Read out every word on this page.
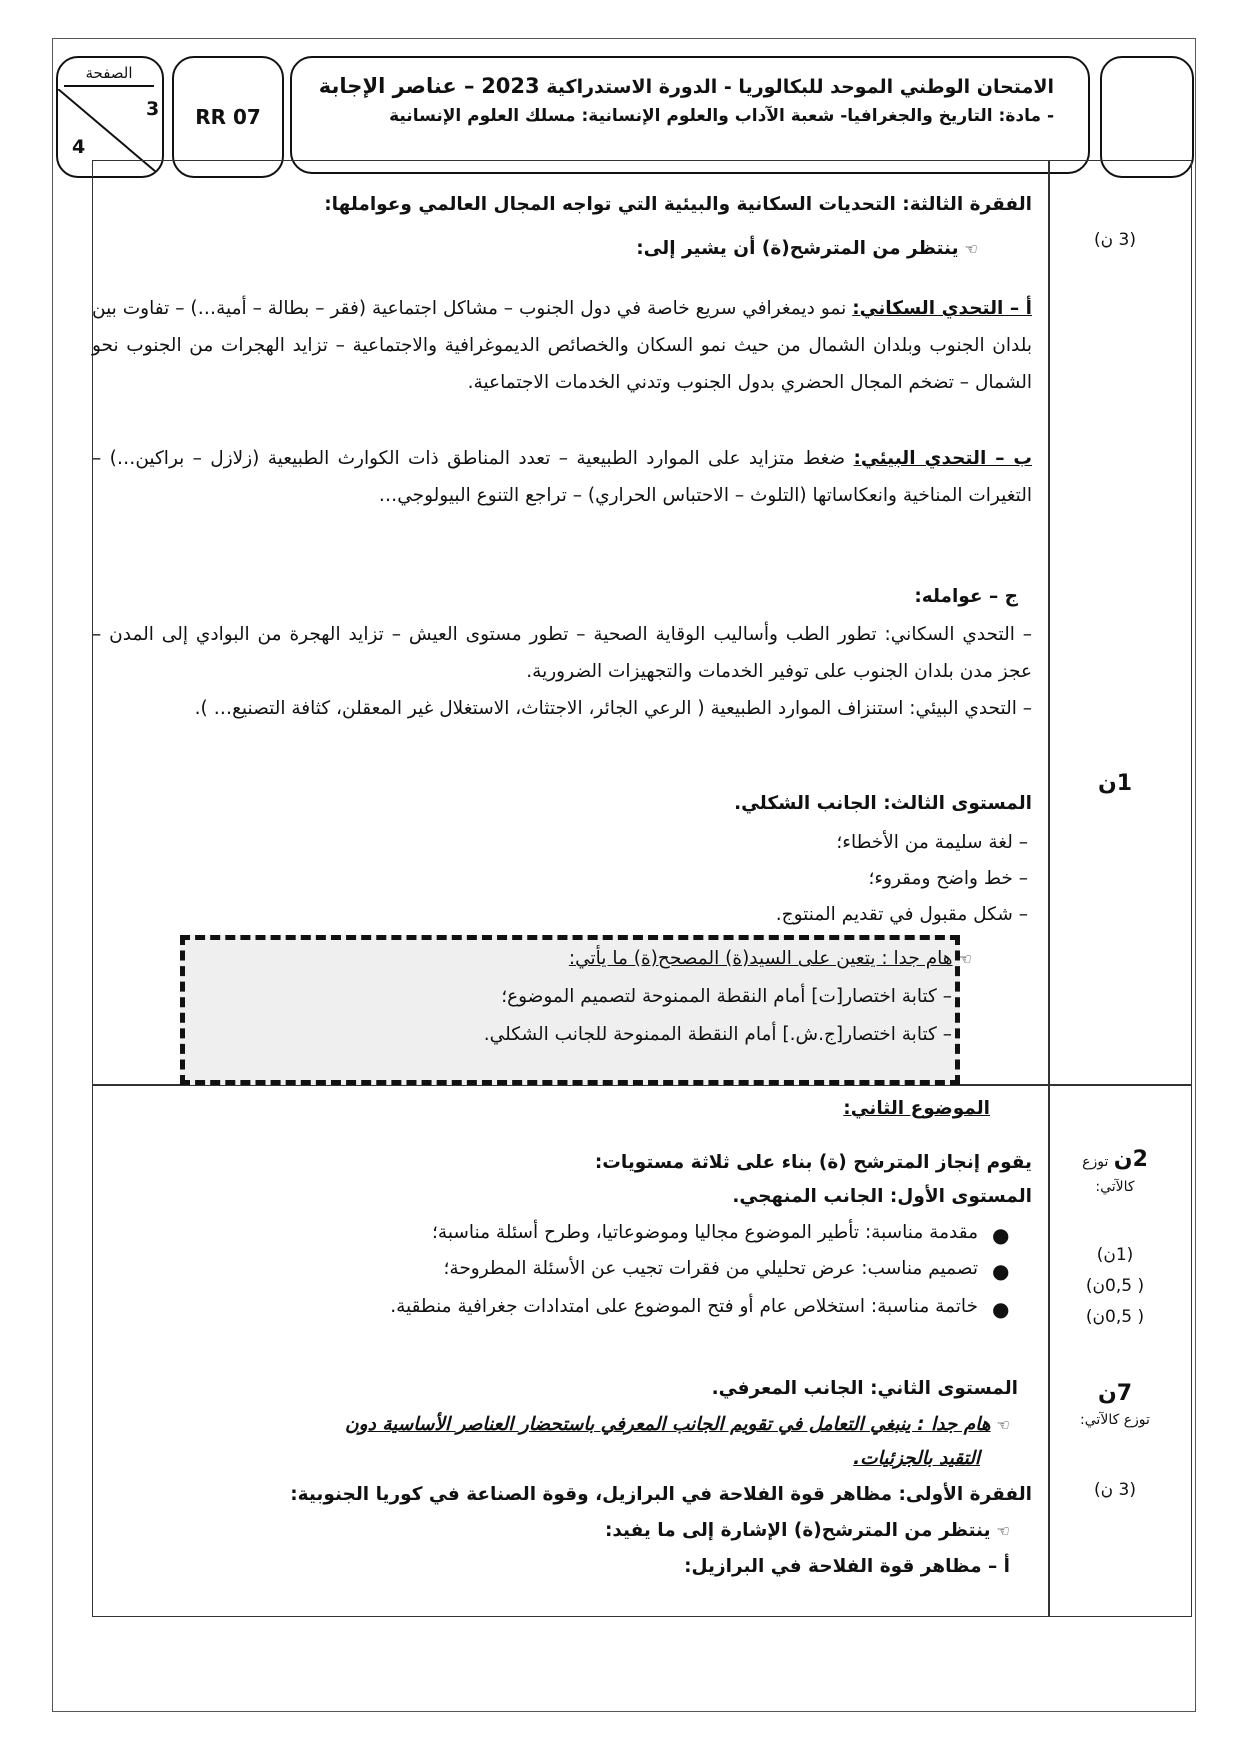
الصفحة
3
4
RR 07
الامتحان الوطني الموحد للبكالوريا - الدورة الاستدراكية 2023 – عناصر الإجابة
- مادة: التاريخ والجغرافيا- شعبة الآداب والعلوم الإنسانية: مسلك العلوم الإنسانية
(3 ن)
1ن
2ن توزع
كالآتي:
(1ن)
( 0,5ن)
( 0,5ن)
7ن
توزع كالآتي:
(3 ن)
الفقرة الثالثة: التحديات السكانية والبيئية التي تواجه المجال العالمي وعواملها:
☜ينتظر من المترشح(ة) أن يشير إلى:
أ – التحدي السكاني: نمو ديمغرافي سريع خاصة في دول الجنوب – مشاكل اجتماعية (فقر – بطالة – أمية…) – تفاوت بين بلدان الجنوب وبلدان الشمال من حيث نمو السكان والخصائص الديموغرافية والاجتماعية – تزايد الهجرات من الجنوب نحو الشمال – تضخم المجال الحضري بدول الجنوب وتدني الخدمات الاجتماعية.
ب – التحدي البيئي: ضغط متزايد على الموارد الطبيعية – تعدد المناطق ذات الكوارث الطبيعية (زلازل – براكين…) – التغيرات المناخية وانعكاساتها (التلوث – الاحتباس الحراري) – تراجع التنوع البيولوجي…
ج – عوامله:
– التحدي السكاني: تطور الطب وأساليب الوقاية الصحية – تطور مستوى العيش – تزايد الهجرة من البوادي إلى المدن – عجز مدن بلدان الجنوب على توفير الخدمات والتجهيزات الضرورية.
– التحدي البيئي: استنزاف الموارد الطبيعية ( الرعي الجائر، الاجتثاث، الاستغلال غير المعقلن، كثافة التصنيع… ).
المستوى الثالث: الجانب الشكلي.
– لغة سليمة من الأخطاء؛
– خط واضح ومقروء؛
– شكل مقبول في تقديم المنتوج.
☜هام جدا : يتعين على السيد(ة) المصحح(ة) ما يأتي:
– كتابة اختصار[ت] أمام النقطة الممنوحة لتصميم الموضوع؛
– كتابة اختصار[ج.ش.] أمام النقطة الممنوحة للجانب الشكلي.
الموضوع الثاني:
يقوم إنجاز المترشح (ة) بناء على ثلاثة مستويات:
المستوى الأول: الجانب المنهجي.
●
مقدمة مناسبة: تأطير الموضوع مجاليا وموضوعاتيا، وطرح أسئلة مناسبة؛
●
تصميم مناسب: عرض تحليلي من فقرات تجيب عن الأسئلة المطروحة؛
●
خاتمة مناسبة: استخلاص عام أو فتح الموضوع على امتدادات جغرافية منطقية.
المستوى الثاني: الجانب المعرفي.
☜هام جدا : ينبغي التعامل في تقويم الجانب المعرفي باستحضار العناصر الأساسية دون
التقيد بالجزئيات.
الفقرة الأولى: مظاهر قوة الفلاحة في البرازيل، وقوة الصناعة في كوريا الجنوبية:
☜ينتظر من المترشح(ة) الإشارة إلى ما يفيد:
أ – مظاهر قوة الفلاحة في البرازيل:
